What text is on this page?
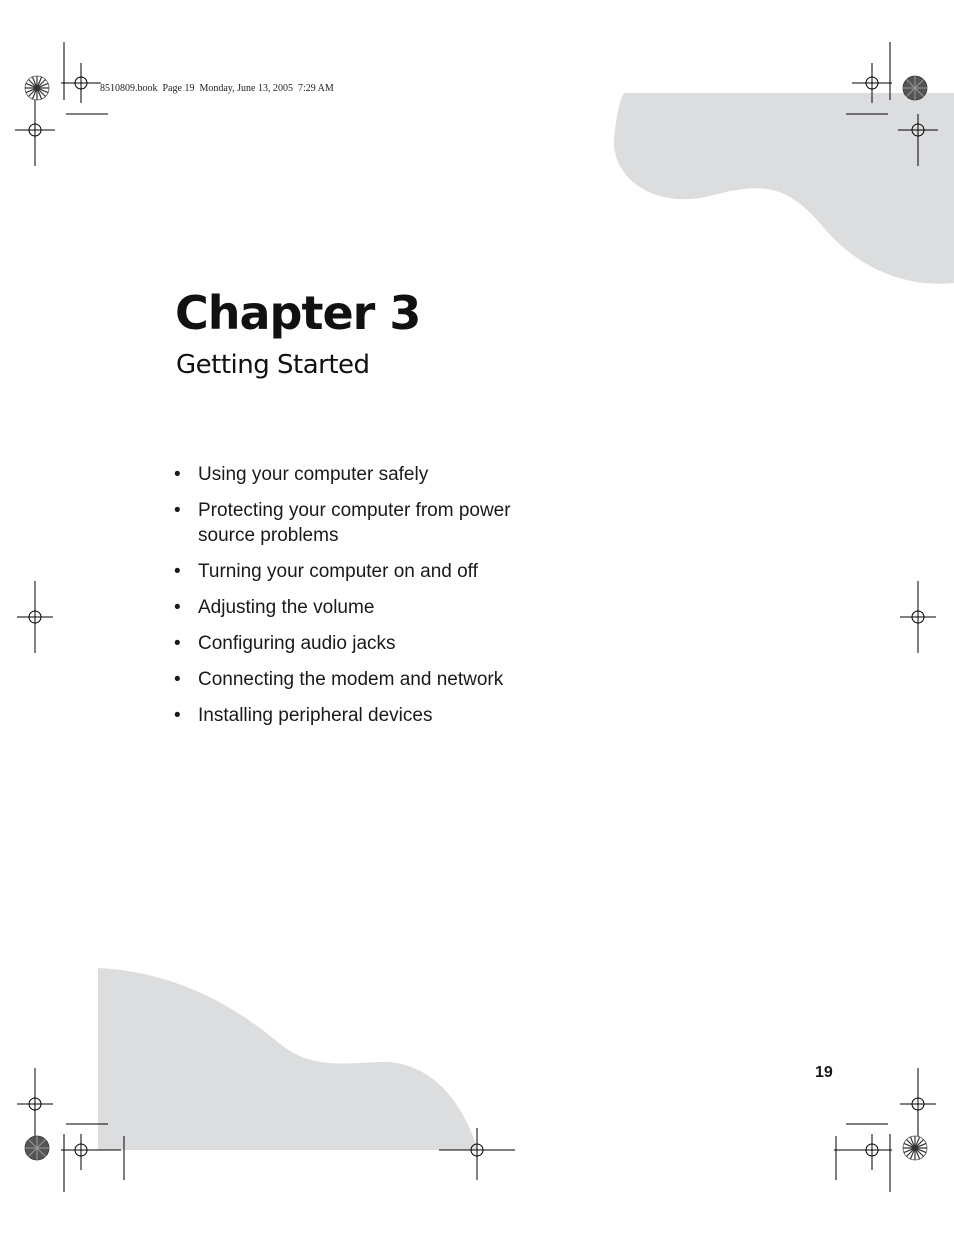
8510809.book  Page 19  Monday, June 13, 2005  7:29 AM
Chapter 3
Getting Started
• Using your computer safely
• Protecting your computer from power source problems
• Turning your computer on and off
• Adjusting the volume
• Configuring audio jacks
• Connecting the modem and network
• Installing peripheral devices
19
